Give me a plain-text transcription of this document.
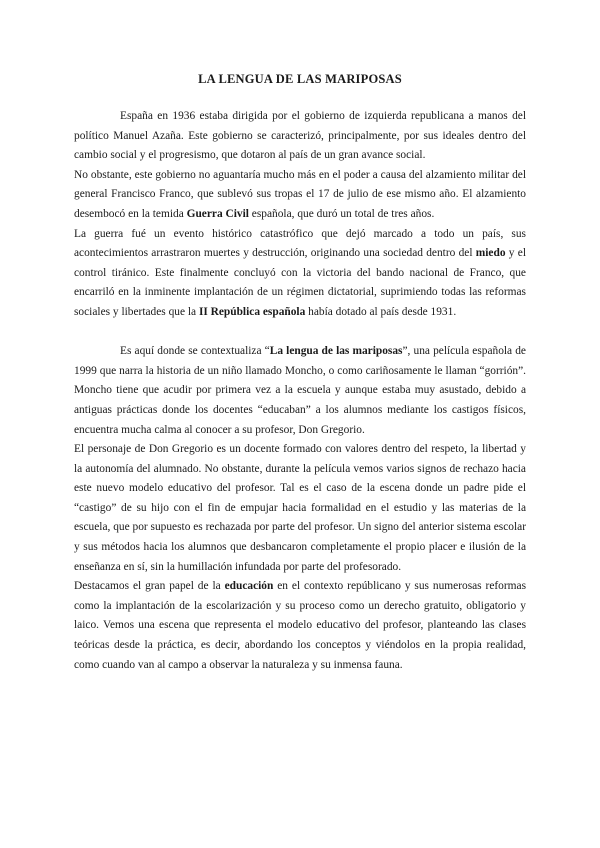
LA LENGUA DE LAS MARIPOSAS

España en 1936 estaba dirigida por el gobierno de izquierda republicana a manos del político Manuel Azaña. Este gobierno se caracterizó, principalmente, por sus ideales dentro del cambio social y el progresismo, que dotaron al país de un gran avance social.

No obstante, este gobierno no aguantaría mucho más en el poder a causa del alzamiento militar del general Francisco Franco, que sublevó sus tropas el 17 de julio de ese mismo año. El alzamiento desembocó en la temida Guerra Civil española, que duró un total de tres años.

La guerra fué un evento histórico catastrófico que dejó marcado a todo un país, sus acontecimientos arrastraron muertes y destrucción, originando una sociedad dentro del miedo y el control tiránico. Este finalmente concluyó con la victoria del bando nacional de Franco, que encarriló en la inminente implantación de un régimen dictatorial, suprimiendo todas las reformas sociales y libertades que la II República española había dotado al país desde 1931.

Es aquí donde se contextualiza “La lengua de las mariposas”, una película española de 1999 que narra la historia de un niño llamado Moncho, o como cariñosamente le llaman “gorrión”. Moncho tiene que acudir por primera vez a la escuela y aunque estaba muy asustado, debido a antiguas prácticas donde los docentes “educaban” a los alumnos mediante los castigos físicos, encuentra mucha calma al conocer a su profesor, Don Gregorio.

El personaje de Don Gregorio es un docente formado con valores dentro del respeto, la libertad y la autonomía del alumnado. No obstante, durante la película vemos varios signos de rechazo hacia este nuevo modelo educativo del profesor. Tal es el caso de la escena donde un padre pide el “castigo” de su hijo con el fin de empujar hacia formalidad en el estudio y las materias de la escuela, que por supuesto es rechazada por parte del profesor. Un signo del anterior sistema escolar y sus métodos hacia los alumnos que desbancaron completamente el propio placer e ilusión de la enseñanza en sí, sin la humillación infundada por parte del profesorado.

Destacamos el gran papel de la educación en el contexto repúblicano y sus numerosas reformas como la implantación de la escolarización y su proceso como un derecho gratuito, obligatorio y laico. Vemos una escena que representa el modelo educativo del profesor, planteando las clases teóricas desde la práctica, es decir, abordando los conceptos y viéndolos en la propia realidad, como cuando van al campo a observar la naturaleza y su inmensa fauna.
